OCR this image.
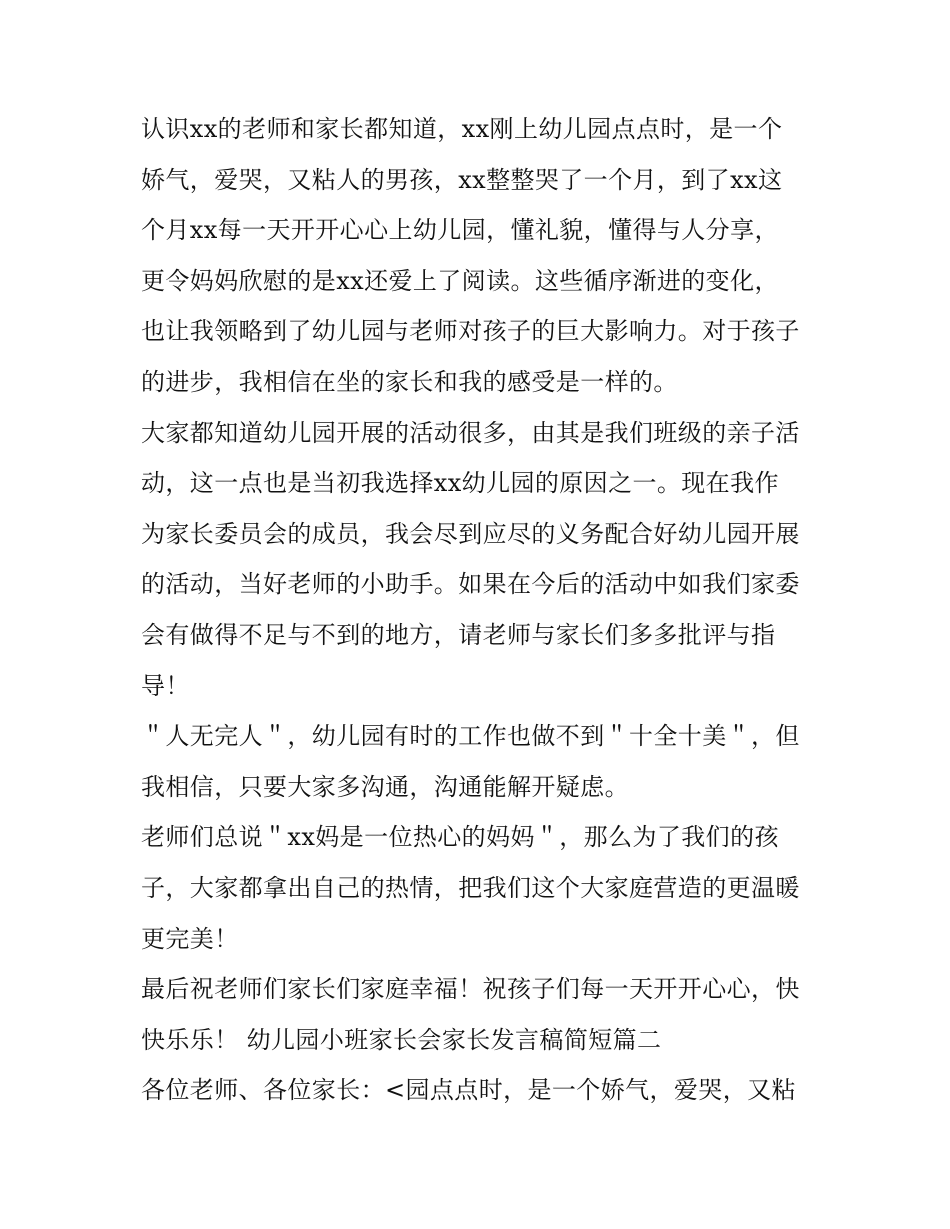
认识xx的老师和家长都知道，xx刚上幼儿园点点时，是一个
娇气，爱哭，又粘人的男孩，xx整整哭了一个月，到了xx这
个月xx每一天开开心心上幼儿园，懂礼貌，懂得与人分享，
更令妈妈欣慰的是xx还爱上了阅读。这些循序渐进的变化，
也让我领略到了幼儿园与老师对孩子的巨大影响力。对于孩子
的进步，我相信在坐的家长和我的感受是一样的。
大家都知道幼儿园开展的活动很多，由其是我们班级的亲子活
动，这一点也是当初我选择xx幼儿园的原因之一。现在我作
为家长委员会的成员，我会尽到应尽的义务配合好幼儿园开展
的活动，当好老师的小助手。如果在今后的活动中如我们家委
会有做得不足与不到的地方，请老师与家长们多多批评与指
导！
＂人无完人＂，幼儿园有时的工作也做不到＂十全十美＂，但
我相信，只要大家多沟通，沟通能解开疑虑。
老师们总说＂xx妈是一位热心的妈妈＂，那么为了我们的孩
子，大家都拿出自己的热情，把我们这个大家庭营造的更温暖
更完美！
最后祝老师们家长们家庭幸福！祝孩子们每一天开开心心，快
快乐乐！ 幼儿园小班家长会家长发言稿简短篇二
各位老师、各位家长：<园点点时，是一个娇气，爱哭，又粘
